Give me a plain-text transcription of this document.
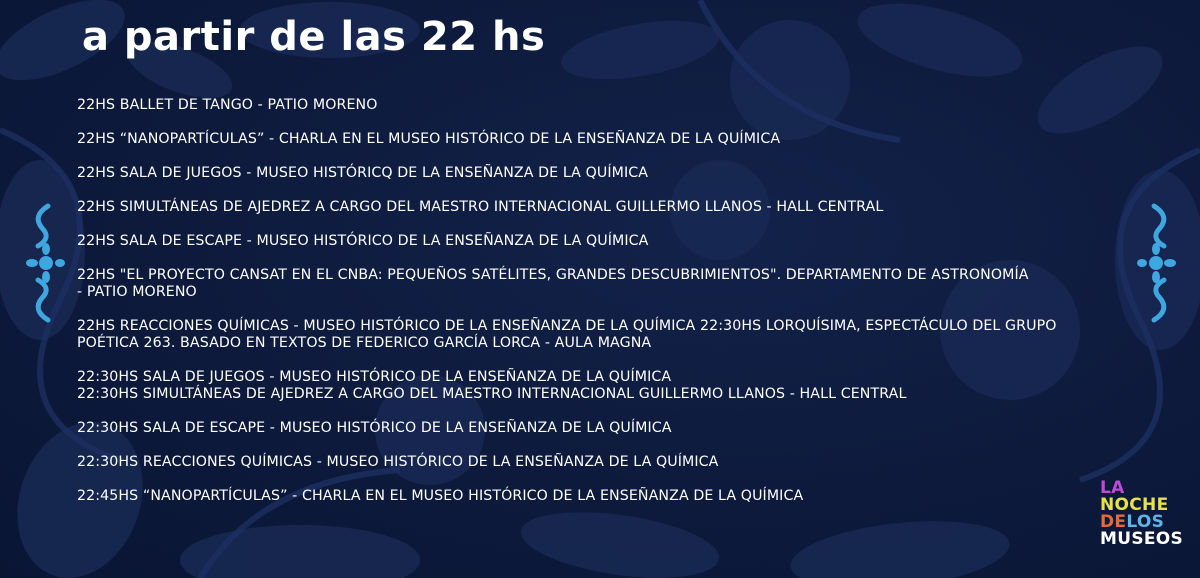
a partir de las 22 hs
22HS BALLET DE TANGO - PATIO MORENO
22HS “NANOPARTÍCULAS” - CHARLA EN EL MUSEO HISTÓRICO DE LA ENSEÑANZA DE LA QUÍMICA
22HS SALA DE JUEGOS - MUSEO HISTÓRICQ DE LA ENSEÑANZA DE LA QUÍMICA
22HS SIMULTÁNEAS DE AJEDREZ A CARGO DEL MAESTRO INTERNACIONAL GUILLERMO LLANOS - HALL CENTRAL
22HS SALA DE ESCAPE - MUSEO HISTÓRICO DE LA ENSEÑANZA DE LA QUÍMICA
22HS "EL PROYECTO CANSAT EN EL CNBA: PEQUEÑOS SATÉLITES, GRANDES DESCUBRIMIENTOS". DEPARTAMENTO DE ASTRONOMÍA
- PATIO MORENO
22HS REACCIONES QUÍMICAS - MUSEO HISTÓRICO DE LA ENSEÑANZA DE LA QUÍMICA 22:30HS LORQUÍSIMA, ESPECTÁCULO DEL GRUPO
POÉTICA 263. BASADO EN TEXTOS DE FEDERICO GARCÍA LORCA - AULA MAGNA
22:30HS SALA DE JUEGOS - MUSEO HISTÓRICO DE LA ENSEÑANZA DE LA QUÍMICA
22:30HS SIMULTÁNEAS DE AJEDREZ A CARGO DEL MAESTRO INTERNACIONAL GUILLERMO LLANOS - HALL CENTRAL
22:30HS SALA DE ESCAPE - MUSEO HISTÓRICO DE LA ENSEÑANZA DE LA QUÍMICA
22:30HS REACCIONES QUÍMICAS - MUSEO HISTÓRICO DE LA ENSEÑANZA DE LA QUÍMICA
22:45HS “NANOPARTÍCULAS” - CHARLA EN EL MUSEO HISTÓRICO DE LA ENSEÑANZA DE LA QUÍMICA	LA
NOCHE
DELOS
MUSEOS
